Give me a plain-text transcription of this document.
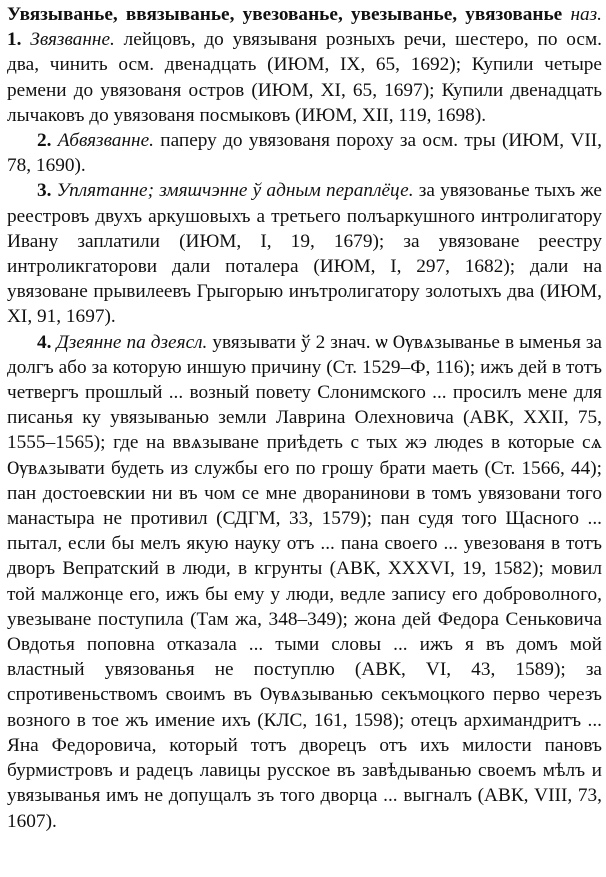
Увязыванье, ввязыванье, увезованье, увезыванье, увязованье наз. 1. Звязванне. лейцовъ, до увязываня розныхъ речи, шестеро, по осм. два, чинить осм. двенадцать (ИЮМ, IX, 65, 1692); Купили четыре ремени до увязованя остров (ИЮМ, XI, 65, 1697); Купили двенадцать лычаковъ до увязованя посмыковъ (ИЮМ, XII, 119, 1698).

2. Абвязванне. паперу до увязованя пороху за осм. тры (ИЮМ, VII, 78, 1690).

3. Уплятанне; змяшчэнне ў адным пераплёце. за увязованье тыхъ же реестровъ двухъ аркушовыхъ а третьего полъаркушного интролигатору Ивану заплатили (ИЮМ, I, 19, 1679); за увязоване реестру интроликгаторови дали поталера (ИЮМ, I, 297, 1682); дали на увязоване прывилеевъ Грыгорыю инътролигатору золотыхъ два (ИЮМ, XI, 91, 1697).

4. Дзеянне па дзеясл. увязывати ў 2 знач. ѡ Ѹвѧзыванье в ыменья за долгъ або за которую иншую причину (Ст. 1529–Ф, 116); ижъ дей в тотъ четвергъ прошлый ... возный повету Слонимского ... просилъ мене для писанья ку увязыванью земли Лаврина Олехновича (АВК, XXII, 75, 1555–1565); где на ввѧзыване приѣдеть с тых жэ людеѕ в которые сѧ Ѹвѧзывати будеть из службы его по грошу брати маеть (Ст. 1566, 44); пан достоевскии ни въ чом се мне дворанинови в томъ увязовани того манастыра не противил (СДГМ, 33, 1579); пан судя того Щасного ... пытал, если бы мелъ якую науку отъ ... пана своего ... увезованя в тотъ дворъ Вепратский в люди, в кгрунты (АВК, XXXVI, 19, 1582); мовил той малжонце его, ижъ бы ему у люди, ведле запису его доброволного, увезыване поступила (Там жа, 348–349); жона дей Федора Сеньковича Овдотья поповна отказала ... тыми словы ... ижъ я въ домъ мой властный увязованья не поступлю (АВК, VI, 43, 1589); за спротивеньствомъ своимъ въ Ѹвѧзыванью секъмоцкого перво черезъ возного в тое жъ имение ихъ (КЛС, 161, 1598); отецъ архимандритъ ... Яна Федоровича, который тотъ дворецъ отъ ихъ милости пановъ бурмистровъ и радецъ лавицы русское въ завѣдыванью своемъ мѣлъ и увязыванья имъ не допущалъ зъ того дворца ... выгналъ (АВК, VIII, 73, 1607).
